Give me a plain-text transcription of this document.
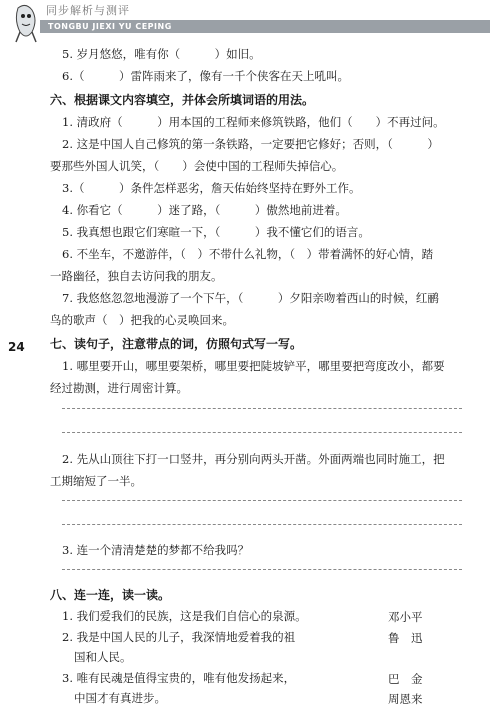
同步解析与测评
TONGBU JIEXI YU CEPING
24
5. 岁月悠悠，唯有你（　　　）如旧。
6.（　　　）雷阵雨来了，像有一千个侠客在天上吼叫。
六、根据课文内容填空，并体会所填词语的用法。
1. 清政府（　　　）用本国的工程师来修筑铁路，他们（　　）不再过问。
2. 这是中国人自己修筑的第一条铁路，一定要把它修好；否则，（　　　）
要那些外国人讥笑，（　　）会使中国的工程师失掉信心。
3.（　　　）条件怎样恶劣，詹天佑始终坚持在野外工作。
4. 你看它（　　　）迷了路，（　　　）傲然地前进着。
5. 我真想也跟它们寒暄一下，（　　　）我不懂它们的语言。
6. 不坐车，不邀游伴，（　）不带什么礼物，（　）带着满怀的好心情，踏
一路幽径，独自去访问我的朋友。
7. 我悠悠忽忽地漫游了一个下午，（　　　）夕阳亲吻着西山的时候，红鹂
鸟的歌声（　）把我的心灵唤回来。
七、读句子，注意带点的词，仿照句式写一写。
1. 哪里要开山，哪里要架桥，哪里要把陡坡铲平，哪里要把弯度改小，都要
经过勘测，进行周密计算。
2. 先从山顶往下打一口竖井，再分别向两头开凿。外面两端也同时施工，把
工期缩短了一半。
3. 连一个清清楚楚的梦都不给我吗？
八、连一连，读一读。
1. 我们爱我们的民族，这是我们自信心的泉源。
2. 我是中国人民的儿子，我深情地爱着我的祖
国和人民。
3. 唯有民魂是值得宝贵的，唯有他发扬起来，
中国才有真进步。
邓小平
鲁　迅
巴　金
周恩来
